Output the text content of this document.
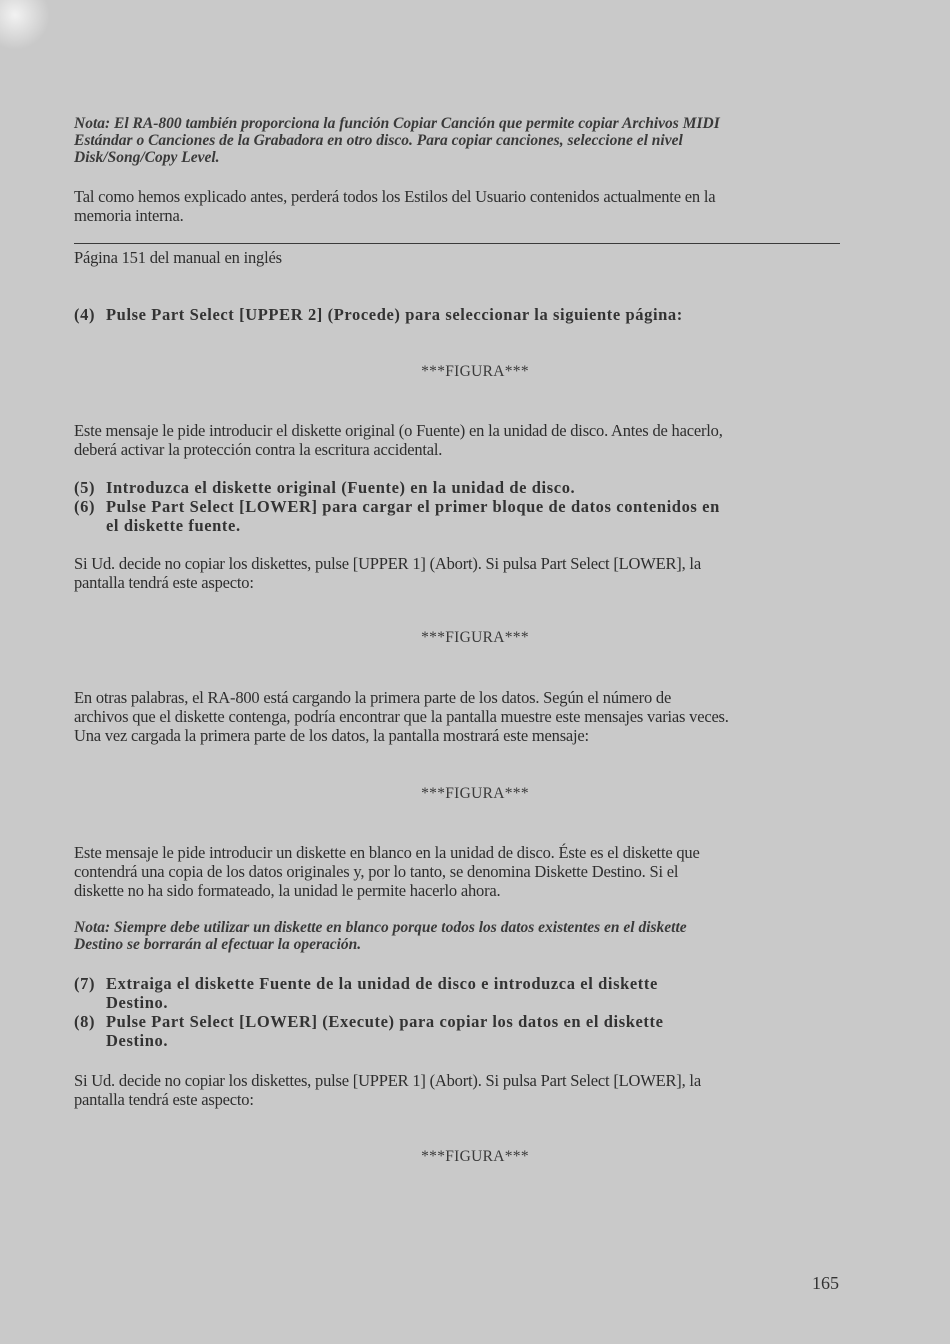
Nota: El RA-800 también proporciona la función Copiar Canción que permite copiar Archivos MIDI
Estándar o Canciones de la Grabadora en otro disco. Para copiar canciones, seleccione el nivel
Disk/Song/Copy Level.
Tal como hemos explicado antes, perderá todos los Estilos del Usuario contenidos actualmente en la
memoria interna.
Página 151 del manual en inglés
(4) Pulse Part Select [UPPER 2] (Procede) para seleccionar la siguiente página:
***FIGURA***
Este mensaje le pide introducir el diskette original (o Fuente) en la unidad de disco. Antes de hacerlo,
deberá activar la protección contra la escritura accidental.
(5) Introduzca el diskette original (Fuente) en la unidad de disco.
(6) Pulse Part Select [LOWER] para cargar el primer bloque de datos contenidos en
el diskette fuente.
Si Ud. decide no copiar los diskettes, pulse [UPPER 1] (Abort). Si pulsa Part Select [LOWER], la
pantalla tendrá este aspecto:
***FIGURA***
En otras palabras, el RA-800 está cargando la primera parte de los datos. Según el número de
archivos que el diskette contenga, podría encontrar que la pantalla muestre este mensajes varias veces.
Una vez cargada la primera parte de los datos, la pantalla mostrará este mensaje:
***FIGURA***
Este mensaje le pide introducir un diskette en blanco en la unidad de disco. Éste es el diskette que
contendrá una copia de los datos originales y, por lo tanto, se denomina Diskette Destino. Si el
diskette no ha sido formateado, la unidad le permite hacerlo ahora.
Nota: Siempre debe utilizar un diskette en blanco porque todos los datos existentes en el diskette
Destino se borrarán al efectuar la operación.
(7) Extraiga el diskette Fuente de la unidad de disco e introduzca el diskette
Destino.
(8) Pulse Part Select [LOWER] (Execute) para copiar los datos en el diskette
Destino.
Si Ud. decide no copiar los diskettes, pulse [UPPER 1] (Abort). Si pulsa Part Select [LOWER], la
pantalla tendrá este aspecto:
***FIGURA***
165
